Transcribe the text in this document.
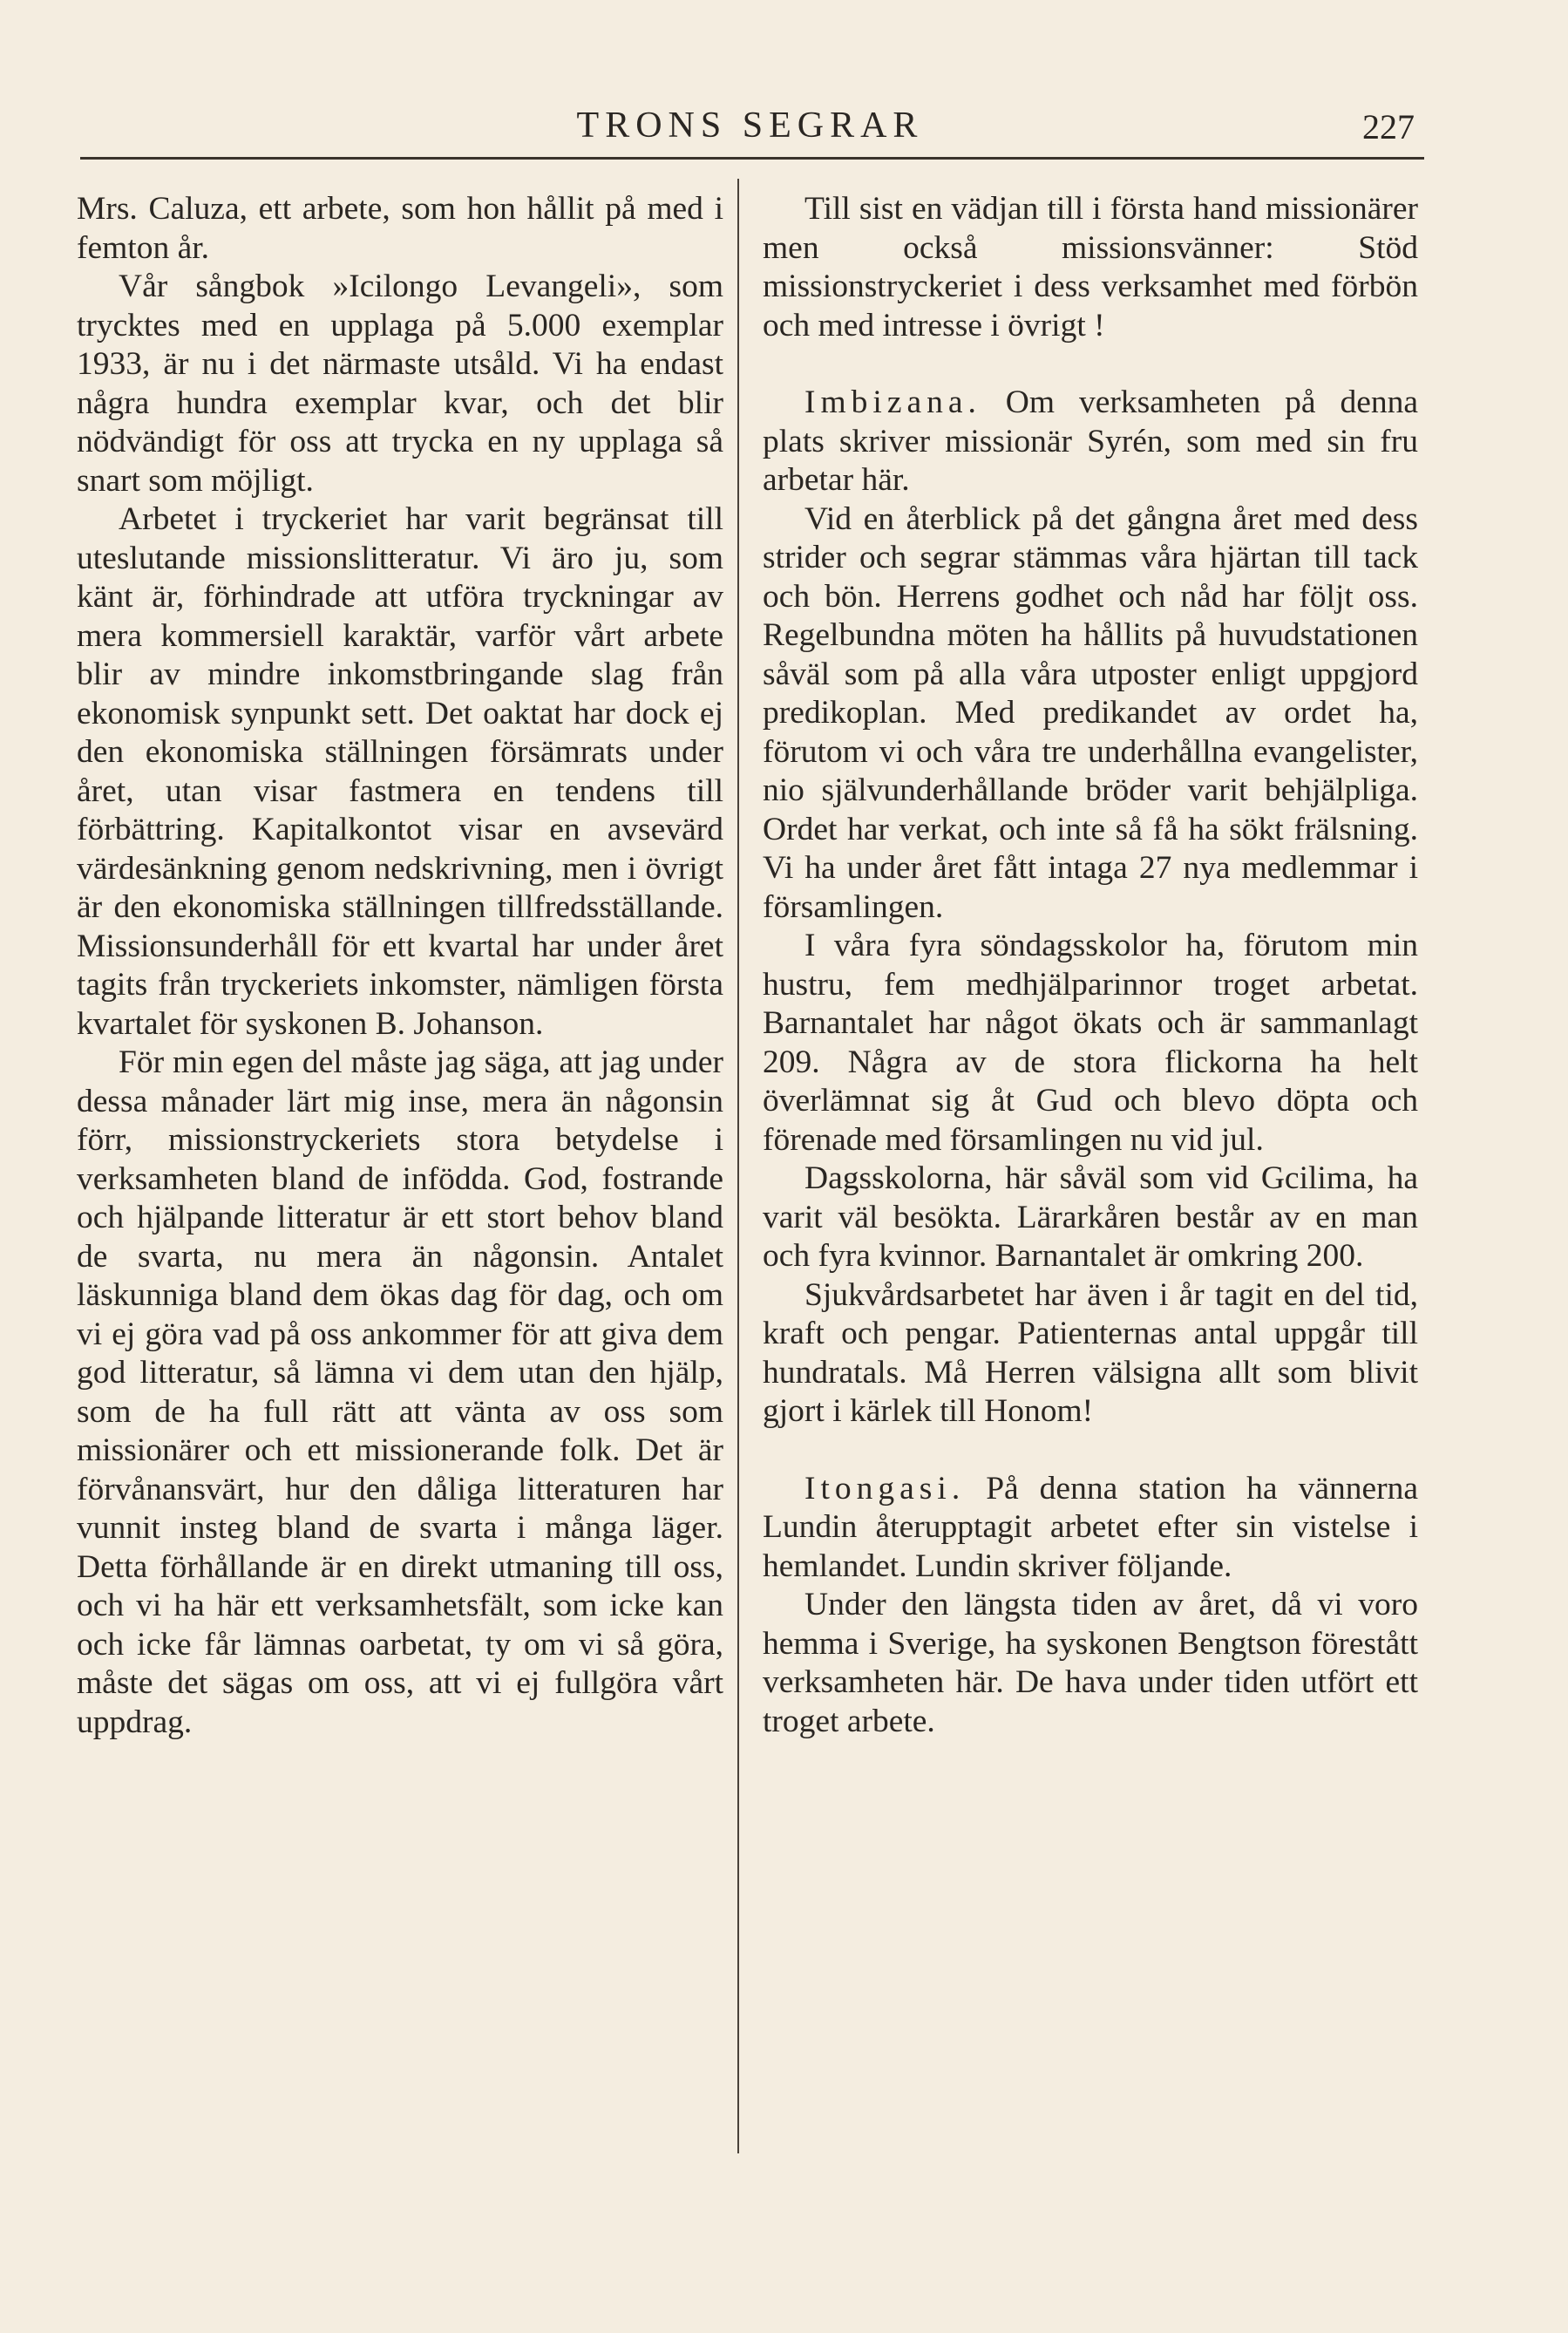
TRONS SEGRAR	227

Mrs. Caluza, ett arbete, som hon hållit på med i femton år.

Vår sångbok »Icilongo Levangeli», som trycktes med en upplaga på 5.000 exemplar 1933, är nu i det närmaste utsåld. Vi ha endast några hundra exemplar kvar, och det blir nödvändigt för oss att trycka en ny upplaga så snart som möjligt.

Arbetet i tryckeriet har varit begränsat till uteslutande missionslitteratur. Vi äro ju, som känt är, förhindrade att utföra tryckningar av mera kommersiell karaktär, varför vårt arbete blir av mindre inkomstbringande slag från ekonomisk synpunkt sett. Det oaktat har dock ej den ekonomiska ställningen försämrats under året, utan visar fastmera en tendens till förbättring. Kapitalkontot visar en avsevärd värdesänkning genom nedskrivning, men i övrigt är den ekonomiska ställningen tillfredsställande. Missionsunderhåll för ett kvartal har under året tagits från tryckeriets inkomster, nämligen första kvartalet för syskonen B. Johanson.

För min egen del måste jag säga, att jag under dessa månader lärt mig inse, mera än någonsin förr, missionstryckeriets stora betydelse i verksamheten bland de infödda. God, fostrande och hjälpande litteratur är ett stort behov bland de svarta, nu mera än någonsin. Antalet läskunniga bland dem ökas dag för dag, och om vi ej göra vad på oss ankommer för att giva dem god litteratur, så lämna vi dem utan den hjälp, som de ha full rätt att vänta av oss som missionärer och ett missionerande folk. Det är förvånansvärt, hur den dåliga litteraturen har vunnit insteg bland de svarta i många läger. Detta förhållande är en direkt utmaning till oss, och vi ha här ett verksamhetsfält, som icke kan och icke får lämnas oarbetat, ty om vi så göra, måste det sägas om oss, att vi ej fullgöra vårt uppdrag.

Till sist en vädjan till i första hand missionärer men också missionsvänner: Stöd missionstryckeriet i dess verksamhet med förbön och med intresse i övrigt !

Imbizana. Om verksamheten på denna plats skriver missionär Syrén, som med sin fru arbetar här.

Vid en återblick på det gångna året med dess strider och segrar stämmas våra hjärtan till tack och bön. Herrens godhet och nåd har följt oss. Regelbundna möten ha hållits på huvudstationen såväl som på alla våra utposter enligt uppgjord predikoplan. Med predikandet av ordet ha, förutom vi och våra tre underhållna evangelister, nio självunderhållande bröder varit behjälpliga. Ordet har verkat, och inte så få ha sökt frälsning. Vi ha under året fått intaga 27 nya medlemmar i församlingen.

I våra fyra söndagsskolor ha, förutom min hustru, fem medhjälparinnor troget arbetat. Barnantalet har något ökats och är sammanlagt 209. Några av de stora flickorna ha helt överlämnat sig åt Gud och blevo döpta och förenade med församlingen nu vid jul.

Dagsskolorna, här såväl som vid Gcilima, ha varit väl besökta. Lärarkåren består av en man och fyra kvinnor. Barnantalet är omkring 200.

Sjukvårdsarbetet har även i år tagit en del tid, kraft och pengar. Patienternas antal uppgår till hundratals. Må Herren välsigna allt som blivit gjort i kärlek till Honom!

Itongasi. På denna station ha vännerna Lundin återupptagit arbetet efter sin vistelse i hemlandet. Lundin skriver följande.

Under den längsta tiden av året, då vi voro hemma i Sverige, ha syskonen Bengtson förestått verksamheten här. De hava under tiden utfört ett troget arbete.
